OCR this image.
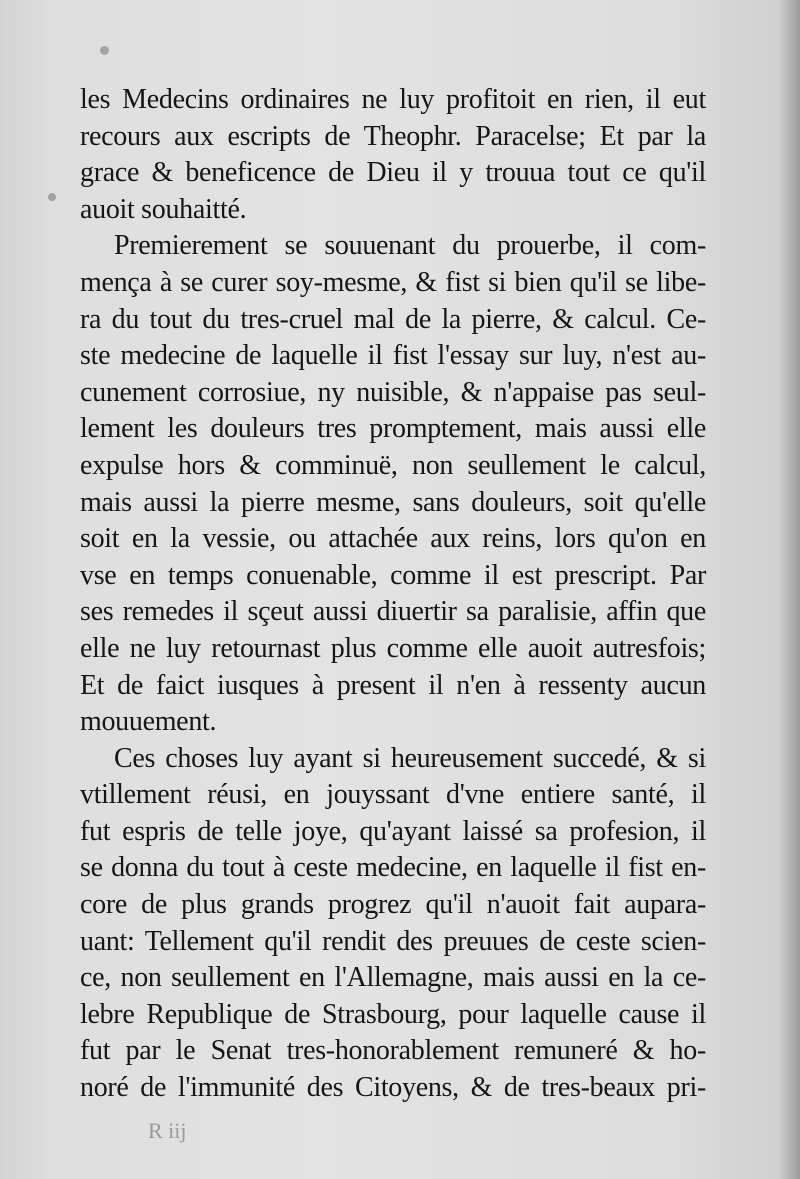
les Medecins ordinaires ne luy profitoit en rien, il eut
recours aux escripts de Theophr. Paracelse; Et par la
grace & beneficence de Dieu il y trouua tout ce qu'il
auoit souhaitté.
Premierement se souuenant du prouerbe, il com-
mença à se curer soy-mesme, & fist si bien qu'il se libe-
ra du tout du tres-cruel mal de la pierre, & calcul. Ce-
ste medecine de laquelle il fist l'essay sur luy, n'est au-
cunement corrosiue, ny nuisible, & n'appaise pas seul-
lement les douleurs tres promptement, mais aussi elle
expulse hors & comminuë, non seullement le calcul,
mais aussi la pierre mesme, sans douleurs, soit qu'elle
soit en la vessie, ou attachée aux reins, lors qu'on en
vse en temps conuenable, comme il est prescript. Par
ses remedes il sçeut aussi diuertir sa paralisie, affin que
elle ne luy retournast plus comme elle auoit autresfois;
Et de faict iusques à present il n'en à ressenty aucun
mouuement.
Ces choses luy ayant si heureusement succedé, & si
vtillement réusi, en jouyssant d'vne entiere santé, il
fut espris de telle joye, qu'ayant laissé sa profesion, il
se donna du tout à ceste medecine, en laquelle il fist en-
core de plus grands progrez qu'il n'auoit fait aupara-
uant: Tellement qu'il rendit des preuues de ceste scien-
ce, non seullement en l'Allemagne, mais aussi en la ce-
lebre Republique de Strasbourg, pour laquelle cause il
fut par le Senat tres-honorablement remuneré & ho-
noré de l'immunité des Citoyens, & de tres-beaux pri-
R iij
